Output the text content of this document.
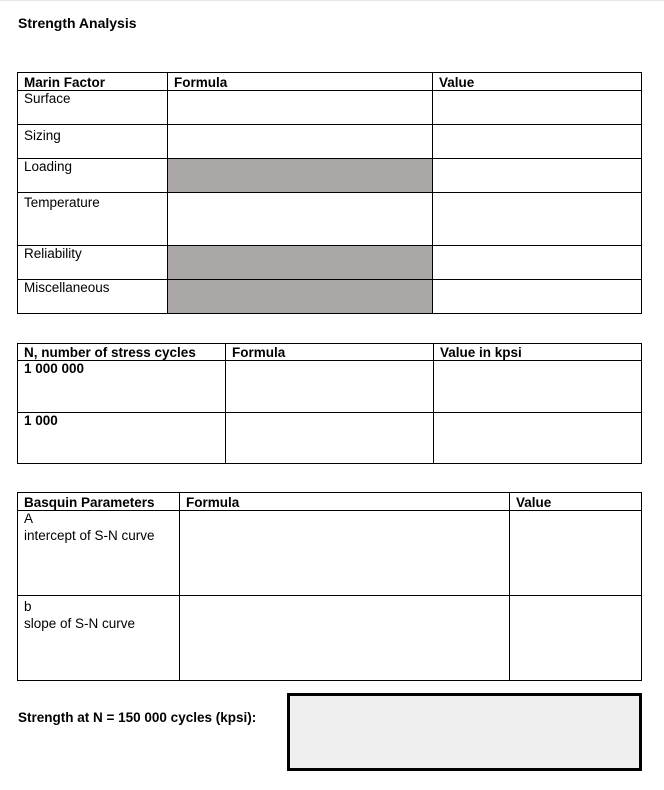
Strength Analysis
Marin Factor	Formula	Value
Surface		
Sizing		
Loading		
Temperature		
Reliability		
Miscellaneous		
N, number of stress cycles	Formula	Value in kpsi
1 000 000		
1 000		
Basquin Parameters	Formula	Value

A
intercept of S-N curve		

b
slope of S-N curve		

Strength at N = 150 000 cycles (kpsi):
